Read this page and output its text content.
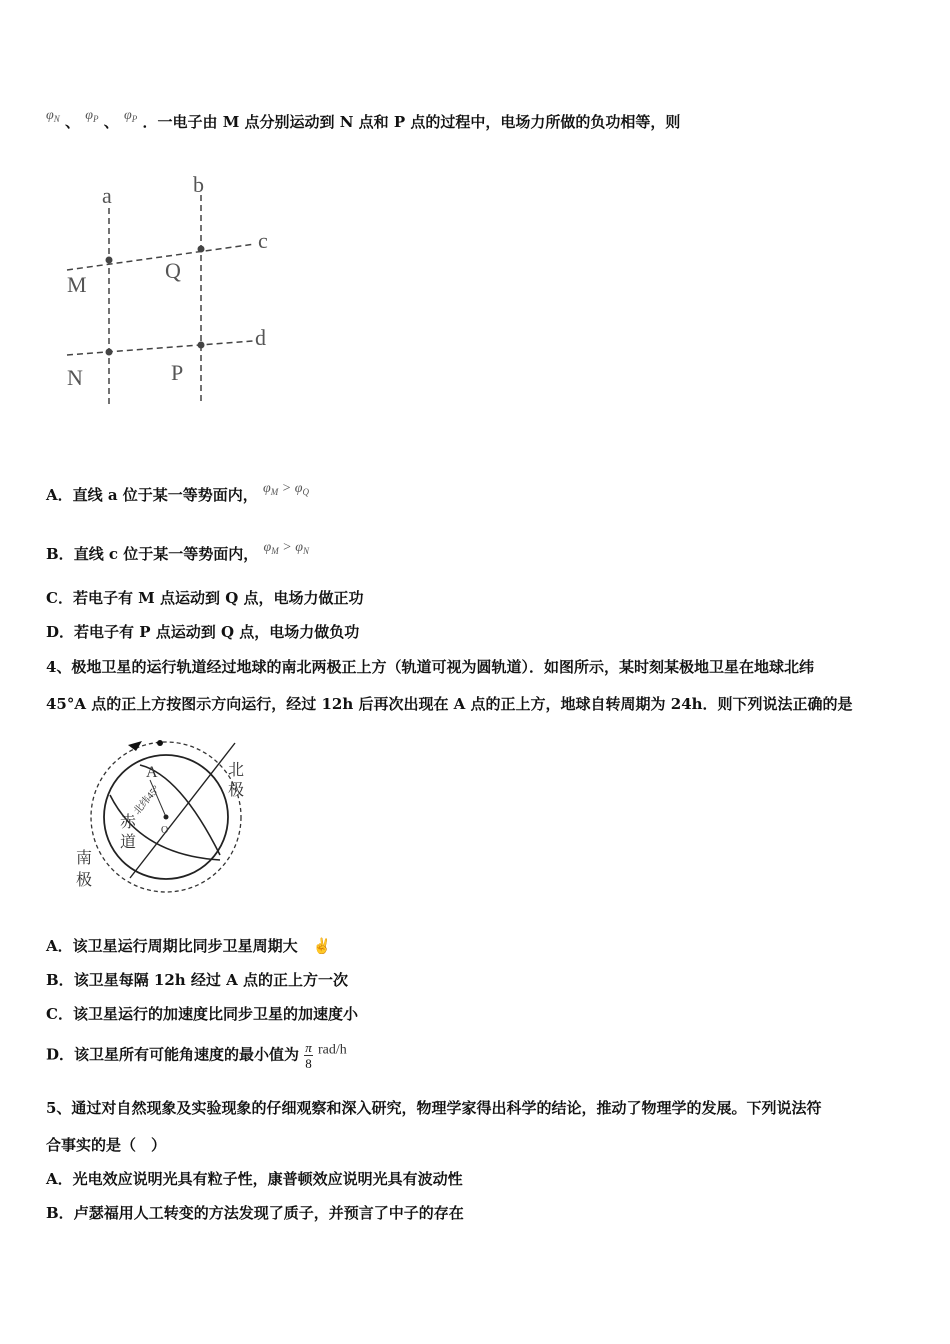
$\varphi_N$ 、 $\varphi_P$ 、 $\varphi_P$ ．一电子由 M 点分别运动到 N 点和 P 点的过程中，电场力所做的负功相等，则
a	b
c
d
M
Q
N	P
A．直线 a 位于某一等势面内， $\varphi_M > \varphi_Q$
B．直线 c 位于某一等势面内， $\varphi_M > \varphi_N$
C．若电子有 M 点运动到 Q 点，电场力做正功
D．若电子有 P 点运动到 Q 点，电场力做负功
4、极地卫星的运行轨道经过地球的南北两极正上方（轨道可视为圆轨道）．如图所示，某时刻某极地卫星在地球北纬
45°A 点的正上方按图示方向运行，经过 12h 后再次出现在 A 点的正上方，地球自转周期为 24h．则下列说法正确的是
A	北
极
赤
道
南
极
北纬45°
O
A．该卫星运行周期比同步卫星周期大 ✌
B．该卫星每隔 12h 经过 A 点的正上方一次
C．该卫星运行的加速度比同步卫星的加速度小
D．该卫星所有可能角速度的最小值为 $\frac{\pi}{8} rad/h$
5、通过对自然现象及实验现象的仔细观察和深入研究，物理学家得出科学的结论，推动了物理学的发展。下列说法符
合事实的是（　）
A．光电效应说明光具有粒子性，康普顿效应说明光具有波动性
B．卢瑟福用人工转变的方法发现了质子，并预言了中子的存在
